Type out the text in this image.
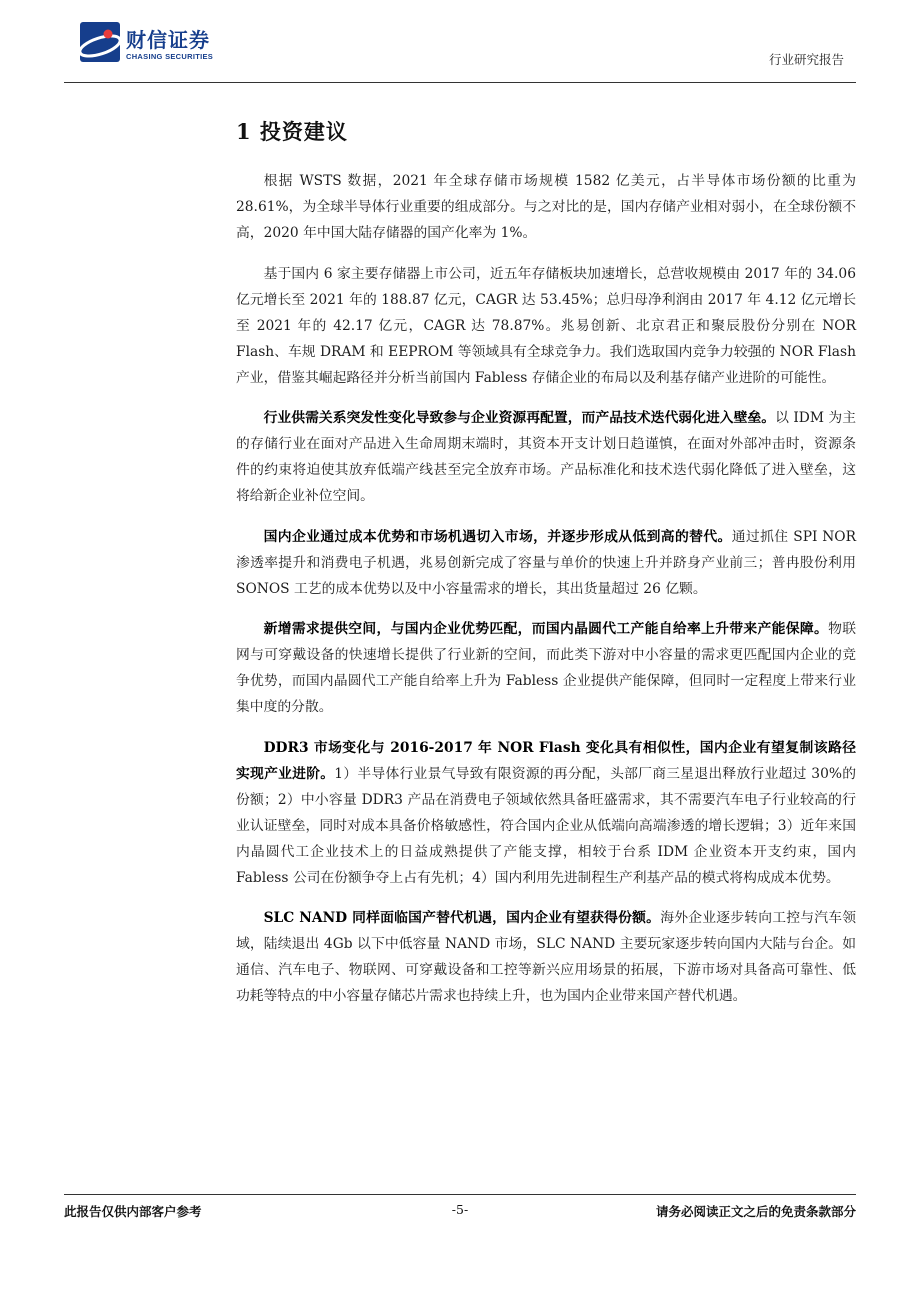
财信证券
CHASING SECURITIES	行业研究报告
1 投资建议

根据 WSTS 数据，2021 年全球存储市场规模 1582 亿美元，占半导体市场份额的比重为 28.61%，为全球半导体行业重要的组成部分。与之对比的是，国内存储产业相对弱小，在全球份额不高，2020 年中国大陆存储器的国产化率为 1%。

基于国内 6 家主要存储器上市公司，近五年存储板块加速增长，总营收规模由 2017 年的 34.06 亿元增长至 2021 年的 188.87 亿元，CAGR 达 53.45%；总归母净利润由 2017 年 4.12 亿元增长至 2021 年的 42.17 亿元，CAGR 达 78.87%。兆易创新、北京君正和聚辰股份分别在 NOR Flash、车规 DRAM 和 EEPROM 等领域具有全球竞争力。我们选取国内竞争力较强的 NOR Flash 产业，借鉴其崛起路径并分析当前国内 Fabless 存储企业的布局以及利基存储产业进阶的可能性。

行业供需关系突发性变化导致参与企业资源再配置，而产品技术迭代弱化进入壁垒。以 IDM 为主的存储行业在面对产品进入生命周期末端时，其资本开支计划日趋谨慎，在面对外部冲击时，资源条件的约束将迫使其放弃低端产线甚至完全放弃市场。产品标准化和技术迭代弱化降低了进入壁垒，这将给新企业补位空间。

国内企业通过成本优势和市场机遇切入市场，并逐步形成从低到高的替代。通过抓住 SPI NOR 渗透率提升和消费电子机遇，兆易创新完成了容量与单价的快速上升并跻身产业前三；普冉股份利用 SONOS 工艺的成本优势以及中小容量需求的增长，其出货量超过 26 亿颗。

新增需求提供空间，与国内企业优势匹配，而国内晶圆代工产能自给率上升带来产能保障。物联网与可穿戴设备的快速增长提供了行业新的空间，而此类下游对中小容量的需求更匹配国内企业的竞争优势，而国内晶圆代工产能自给率上升为 Fabless 企业提供产能保障，但同时一定程度上带来行业集中度的分散。

DDR3 市场变化与 2016-2017 年 NOR Flash 变化具有相似性，国内企业有望复制该路径实现产业进阶。1）半导体行业景气导致有限资源的再分配，头部厂商三星退出释放行业超过 30%的份额；2）中小容量 DDR3 产品在消费电子领域依然具备旺盛需求，其不需要汽车电子行业较高的行业认证壁垒，同时对成本具备价格敏感性，符合国内企业从低端向高端渗透的增长逻辑；3）近年来国内晶圆代工企业技术上的日益成熟提供了产能支撑，相较于台系 IDM 企业资本开支约束，国内 Fabless 公司在份额争夺上占有先机；4）国内利用先进制程生产利基产品的模式将构成成本优势。

SLC NAND 同样面临国产替代机遇，国内企业有望获得份额。海外企业逐步转向工控与汽车领域，陆续退出 4Gb 以下中低容量 NAND 市场，SLC NAND 主要玩家逐步转向国内大陆与台企。如通信、汽车电子、物联网、可穿戴设备和工控等新兴应用场景的拓展，下游市场对具备高可靠性、低功耗等特点的中小容量存储芯片需求也持续上升，也为国内企业带来国产替代机遇。

此报告仅供内部客户参考	-5-	请务必阅读正文之后的免责条款部分
